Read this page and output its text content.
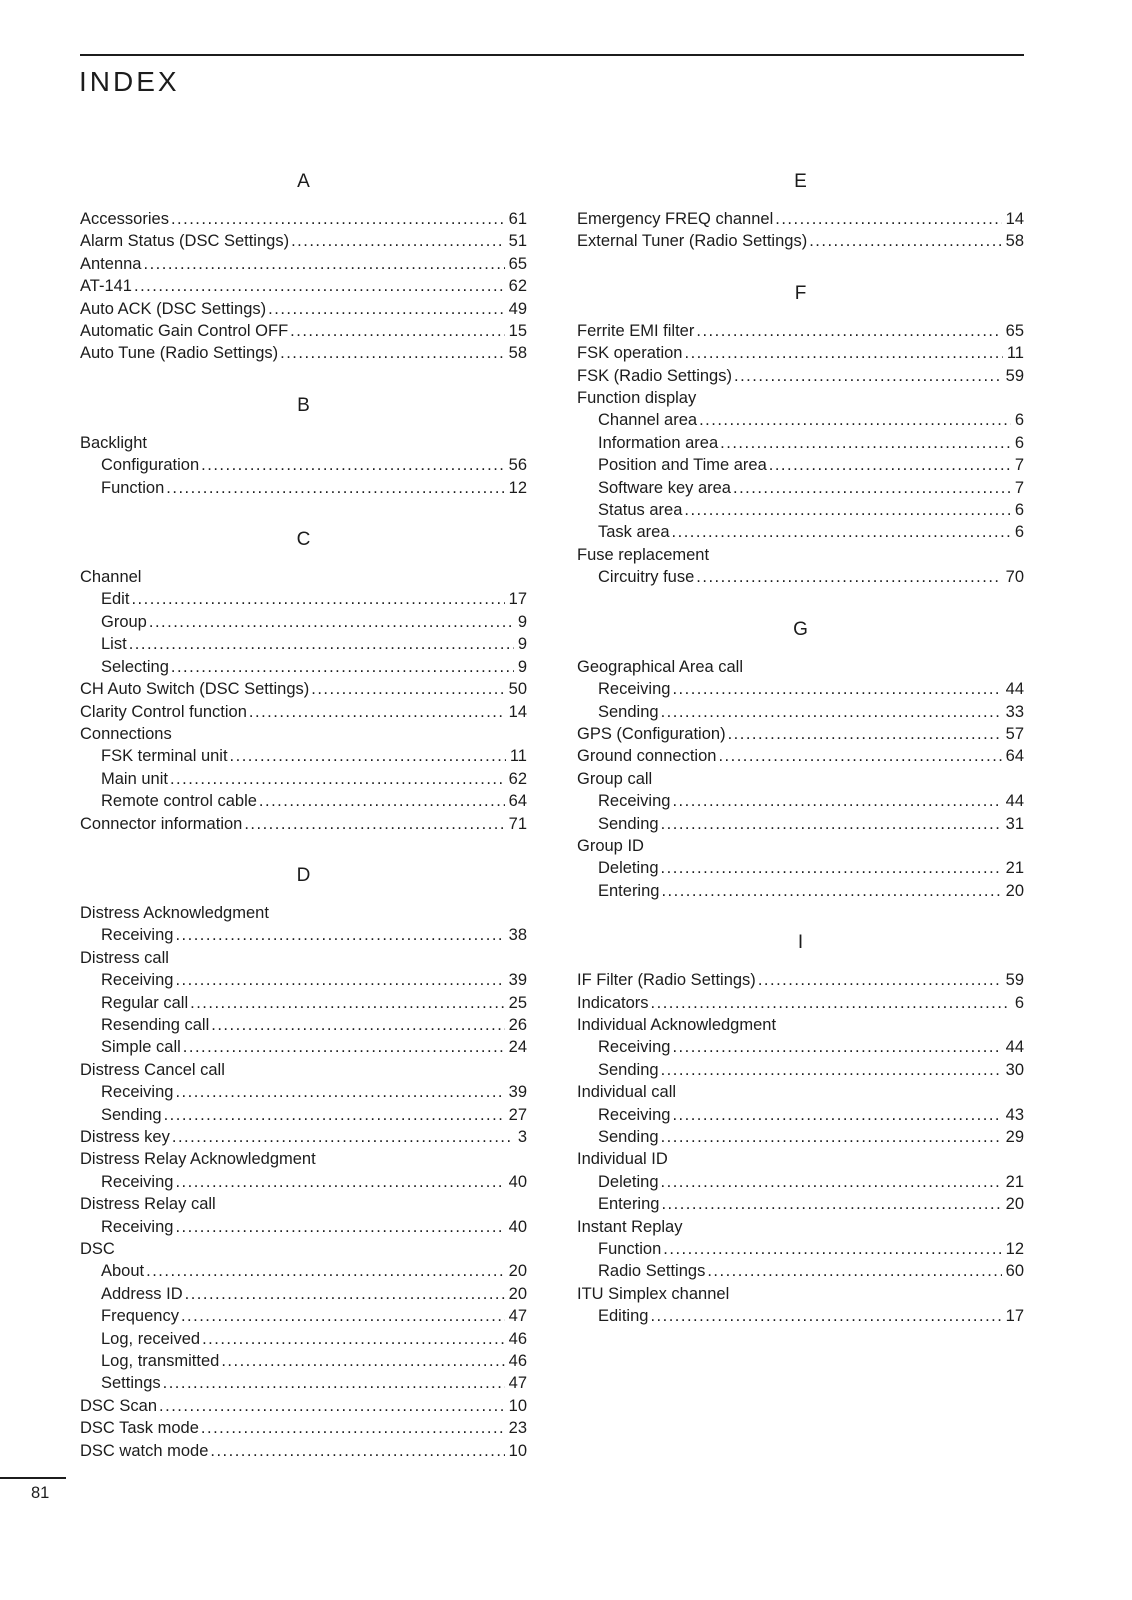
INDEX
A
Accessories .....	61
Alarm Status (DSC Settings) .....	51
Antenna .....	65
AT-141 .....	62
Auto ACK (DSC Settings) .....	49
Automatic Gain Control OFF .....	15
Auto Tune (Radio Settings) .....	58
B
Backlight
Configuration .....	56
Function .....	12
C
Channel
Edit .....	17
Group .....	9
List .....	9
Selecting .....	9
CH Auto Switch (DSC Settings) .....	50
Clarity Control function .....	14
Connections
FSK terminal unit .....	11
Main unit .....	62
Remote control cable .....	64
Connector information .....	71
D
Distress Acknowledgment
Receiving .....	38
Distress call
Receiving .....	39
Regular call .....	25
Resending call .....	26
Simple call .....	24
Distress Cancel call
Receiving .....	39
Sending .....	27
Distress key .....	3
Distress Relay Acknowledgment
Receiving .....	40
Distress Relay call
Receiving .....	40
DSC
About .....	20
Address ID .....	20
Frequency .....	47
Log, received .....	46
Log, transmitted .....	46
Settings .....	47
DSC Scan .....	10
DSC Task mode .....	23
DSC watch mode .....	10
E
Emergency FREQ channel .....	14
External Tuner (Radio Settings) .....	58
F
Ferrite EMI filter .....	65
FSK operation .....	11
FSK (Radio Settings) .....	59
Function display
Channel area .....	6
Information area .....	6
Position and Time area .....	7
Software key area .....	7
Status area .....	6
Task area .....	6
Fuse replacement
Circuitry fuse .....	70
G
Geographical Area call
Receiving .....	44
Sending .....	33
GPS (Configuration) .....	57
Ground connection .....	64
Group call
Receiving .....	44
Sending .....	31
Group ID
Deleting .....	21
Entering .....	20
I
IF Filter (Radio Settings) .....	59
Indicators .....	6
Individual Acknowledgment
Receiving .....	44
Sending .....	30
Individual call
Receiving .....	43
Sending .....	29
Individual ID
Deleting .....	21
Entering .....	20
Instant Replay
Function .....	12
Radio Settings .....	60
ITU Simplex channel
Editing .....	17
81
